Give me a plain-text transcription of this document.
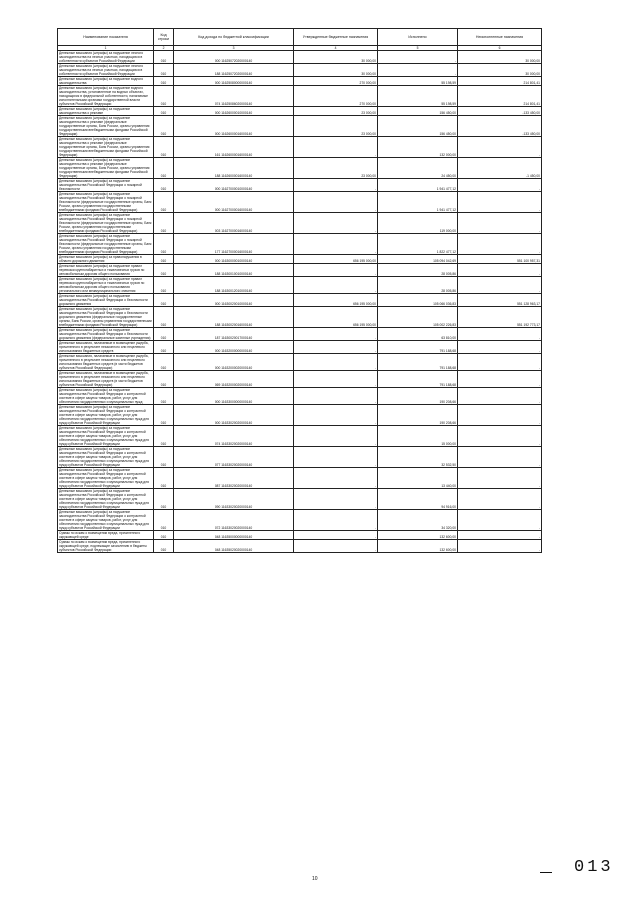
Наименование показателя	Код строки	Код дохода по бюджетной классификации	Утвержденные бюджетные назначения	Исполнено	Неисполненные назначения
1	2	3	4	5	6
Денежные взыскания (штрафы) за нарушение лесного законодательства на лесных участках, находящихся в собственности субъектов Российской Федерации	010	000 11625072020000140	30 000,00	-	30 000,00
Денежные взыскания (штрафы) за нарушение лесного законодательства на лесных участках, находящихся в собственности субъектов Российской Федерации	010	188 11625072020000140	30 000,00	-	30 000,00
Денежные взыскания (штрафы) за нарушение водного законодательства	010	000 11625080000000140	270 000,00	55 198,59	214 801,41
Денежные взыскания (штрафы) за нарушение водного законодательства, установленное на водных объектах, находящихся в федеральной собственности, налагаемые исполнительными органами государственной власти субъектов Российской Федерации	010	074 11625086020000140	270 000,00	55 198,59	214 801,41
Денежные взыскания (штрафы) за нарушение законодательства о рекламе	010	000 11626000010000140	23 000,00	156 450,00	-133 450,00
Денежные взыскания (штрафы) за нарушение законодательства о рекламе (федеральные государственные органы, Банк России, органы управления государственными внебюджетными фондами Российской Федерации)	010	000 11626000016000140	23 000,00	156 450,00	-133 450,00
Денежные взыскания (штрафы) за нарушение законодательства о рекламе (федеральные государственные органы, Банк России, органы управления государственными внебюджетными фондами Российской Федерации)	010	161 11626000016000140	-	132 000,00	-
Денежные взыскания (штрафы) за нарушение законодательства о рекламе (федеральные государственные органы, Банк России, органы управления государственными внебюджетными фондами Российской Федерации)	010	188 11626000016000140	23 000,00	24 450,00	-1 450,00
Денежные взыскания (штрафы) за нарушение законодательства Российской Федерации о пожарной безопасности	010	000 11627000010000140	-	1 941 477,12	-
Денежные взыскания (штрафы) за нарушение законодательства Российской Федерации о пожарной безопасности (федеральные государственные органы, Банк России, органы управления государственными внебюджетными фондами Российской Федерации)	010	000 11627000016000140	-	1 941 477,12	-
Денежные взыскания (штрафы) за нарушение законодательства Российской Федерации о пожарной безопасности (федеральные государственные органы, Банк России, органы управления государственными внебюджетными фондами Российской Федерации)	010	003 11627000016000140	-	119 000,00	-
Денежные взыскания (штрафы) за нарушение законодательства Российской Федерации о пожарной безопасности (федеральные государственные органы, Банк России, органы управления государственными внебюджетными фондами Российской Федерации)	010	177 11627000016000140	-	1 822 477,12	-
Денежные взыскания (штрафы) за правонарушения в области дорожного движения	010	000 11630000010000140	656 195 000,00	105 094 042,69	551 100 957,31
Денежные взыскания (штрафы) за нарушение правил перевозки крупногабаритных и тяжеловесных грузов по автомобильным дорогам общего пользования	010	188 11630010010000140	-	28 005,86	-
Денежные взыскания (штрафы) за нарушение правил перевозки крупногабаритных и тяжеловесных грузов по автомобильным дорогам общего пользования регионального или межмуниципального значения	010	188 11630012010000140	-	28 005,86	-
Денежные взыскания (штрафы) за нарушение законодательства Российской Федерации о безопасности дорожного движения	010	000 11630020010000140	656 195 000,00	105 066 036,83	551 128 963,17
Денежные взыскания (штрафы) за нарушение законодательства Российской Федерации о безопасности дорожного движения (федеральные государственные органы, Банк России, органы управления государственными внебюджетными фондами Российской Федерации)	010	188 11630020016000140	656 195 000,00	105 002 226,83	551 192 773,17
Денежные взыскания (штрафы) за нарушение законодательства Российской Федерации о безопасности дорожного движения (федеральные казенные учреждения)	010	187 11630020017000140	-	63 810,00	-
Денежные взыскания, налагаемые в возмещение ущерба, причиненного в результате незаконного или нецелевого использования бюджетных средств	010	000 11632000000000140	-	791 188,68	-
Денежные взыскания, налагаемые в возмещение ущерба, причиненного в результате незаконного или нецелевого использования бюджетных средств (в части бюджетов субъектов Российской Федерации)	010	000 11632000020000140	-	791 188,68	-
Денежные взыскания, налагаемые в возмещение ущерба, причиненного в результате незаконного или нецелевого использования бюджетных средств (в части бюджетов субъектов Российской Федерации)	010	069 11632000020000140	-	791 188,68	-
Денежные взыскания (штрафы) за нарушение законодательства Российской Федерации о контрактной системе в сфере закупок товаров, работ, услуг для обеспечения государственных и муниципальных нужд	010	000 11633000000000140	-	190 208,66	-
Денежные взыскания (штрафы) за нарушение законодательства Российской Федерации о контрактной системе в сфере закупок товаров, работ, услуг для обеспечения государственных и муниципальных нужд для нужд субъектов Российской Федерации	010	000 11633020020000140	-	190 208,66	-
Денежные взыскания (штрафы) за нарушение законодательства Российской Федерации о контрактной системе в сфере закупок товаров, работ, услуг для обеспечения государственных и муниципальных нужд для нужд субъектов Российской Федерации	010	074 11633020020000140	-	15 000,00	-
Денежные взыскания (штрафы) за нарушение законодательства Российской Федерации о контрактной системе в сфере закупок товаров, работ, услуг для обеспечения государственных и муниципальных нужд для нужд субъектов Российской Федерации	010	077 11633020020000140	-	32 532,50	-
Денежные взыскания (штрафы) за нарушение законодательства Российской Федерации о контрактной системе в сфере закупок товаров, работ, услуг для обеспечения государственных и муниципальных нужд для нужд субъектов Российской Федерации	010	087 11633020020000140	-	13 440,00	-
Денежные взыскания (штрафы) за нарушение законодательства Российской Федерации о контрактной системе в сфере закупок товаров, работ, услуг для обеспечения государственных и муниципальных нужд для нужд субъектов Российской Федерации	010	090 11633020020000140	-	94 916,00	-
Денежные взыскания (штрафы) за нарушение законодательства Российской Федерации о контрактной системе в сфере закупок товаров, работ, услуг для обеспечения государственных и муниципальных нужд для нужд субъектов Российской Федерации	010	072 11633020020000140	-	34 320,00	-
Суммы по искам о возмещении вреда, причиненного окружающей среде	010	048 11635000000000140	-	132 600,00	-
Суммы по искам о возмещении вреда, причиненного окружающей среде, подлежащие зачислению в бюджеты субъектов Российской Федерации	010	048 11635020020000140	-	132 600,00	-
10
013
